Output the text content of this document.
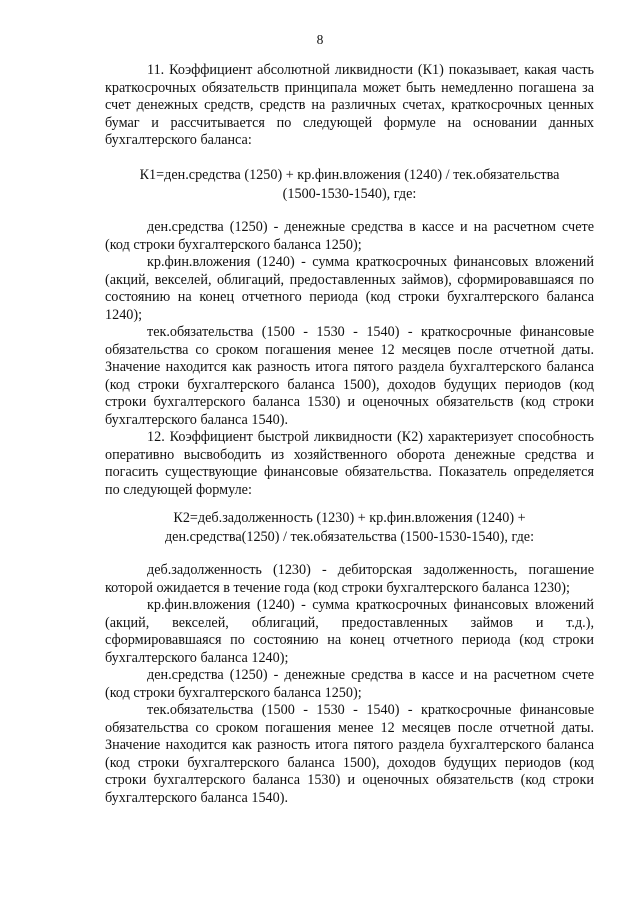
8

11. Коэффициент абсолютной ликвидности (К1) показывает, какая часть краткосрочных обязательств принципала может быть немедленно погашена за счет денежных средств, средств на различных счетах, краткосрочных ценных бумаг и рассчитывается по следующей формуле на основании данных бухгалтерского баланса:

К1=ден.средства (1250) + кр.фин.вложения (1240) / тек.обязательства

(1500-1530-1540), где:

ден.средства (1250) - денежные средства в кассе и на расчетном счете (код строки бухгалтерского баланса 1250);

кр.фин.вложения (1240) - сумма краткосрочных финансовых вложений (акций, векселей, облигаций, предоставленных займов), сформировавшаяся по состоянию на конец отчетного периода (код строки бухгалтерского баланса 1240);

тек.обязательства (1500 - 1530 - 1540) - краткосрочные финансовые обязательства со сроком погашения менее 12 месяцев после отчетной даты. Значение находится как разность итога пятого раздела бухгалтерского баланса (код строки бухгалтерского баланса 1500), доходов будущих периодов (код строки бухгалтерского баланса 1530) и оценочных обязательств (код строки бухгалтерского баланса 1540).

12. Коэффициент быстрой ликвидности (К2) характеризует способность оперативно высвободить из хозяйственного оборота денежные средства и погасить существующие финансовые обязательства. Показатель определяется по следующей формуле:

К2=деб.задолженность (1230) + кр.фин.вложения (1240) +

ден.средства(1250) / тек.обязательства (1500-1530-1540), где:

деб.задолженность (1230) - дебиторская задолженность, погашение которой ожидается в течение года (код строки бухгалтерского баланса 1230);

кр.фин.вложения (1240) - сумма краткосрочных финансовых вложений (акций, векселей, облигаций, предоставленных займов и т.д.), сформировавшаяся по состоянию на конец отчетного периода (код строки бухгалтерского баланса 1240);

ден.средства (1250) - денежные средства в кассе и на расчетном счете (код строки бухгалтерского баланса 1250);

тек.обязательства (1500 - 1530 - 1540) - краткосрочные финансовые обязательства со сроком погашения менее 12 месяцев после отчетной даты. Значение находится как разность итога пятого раздела бухгалтерского баланса (код строки бухгалтерского баланса 1500), доходов будущих периодов (код строки бухгалтерского баланса 1530) и оценочных обязательств (код строки бухгалтерского баланса 1540).
